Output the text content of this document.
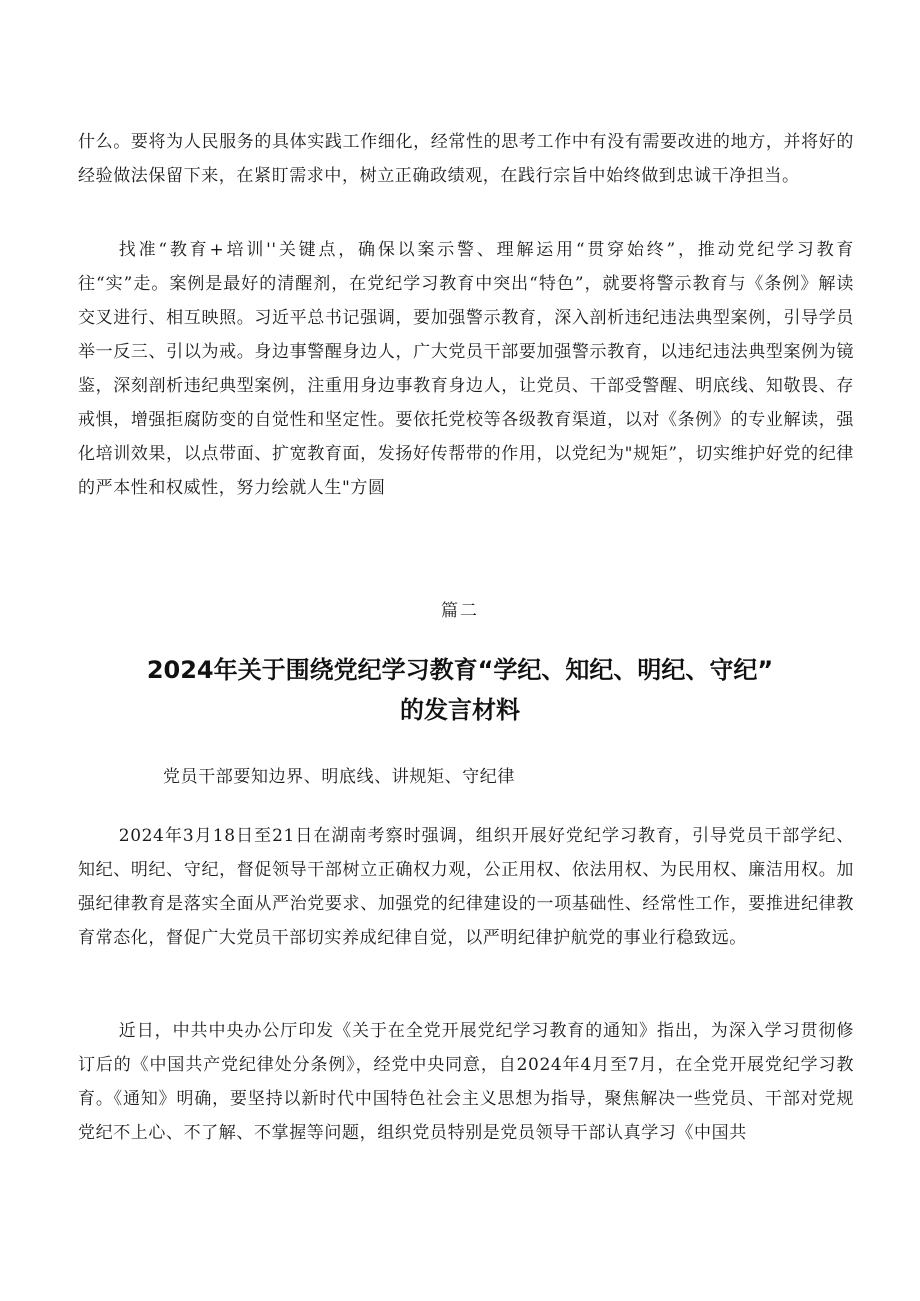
什么。要将为人民服务的具体实践工作细化，经常性的思考工作中有没有需要改进的地方，并将好的经验做法保留下来，在紧盯需求中，树立正确政绩观，在践行宗旨中始终做到忠诚干净担当。

找准“教育+培训''关键点，确保以案示警、理解运用“贯穿始终”，推动党纪学习教育往“实”走。案例是最好的清醒剂，在党纪学习教育中突出“特色”，就要将警示教育与《条例》解读交叉进行、相互映照。习近平总书记强调，要加强警示教育，深入剖析违纪违法典型案例，引导学员举一反三、引以为戒。身边事警醒身边人，广大党员干部要加强警示教育，以违纪违法典型案例为镜鉴，深刻剖析违纪典型案例，注重用身边事教育身边人，让党员、干部受警醒、明底线、知敬畏、存戒惧，增强拒腐防变的自觉性和坚定性。要依托党校等各级教育渠道，以对《条例》的专业解读，强化培训效果，以点带面、扩宽教育面，发扬好传帮带的作用，以党纪为"规矩”，切实维护好党的纪律的严本性和权威性，努力绘就人生"方圆

篇二

2024年关于围绕党纪学习教育“学纪、知纪、明纪、守纪”
的发言材料

党员干部要知边界、明底线、讲规矩、守纪律

2024年3月18日至21日在湖南考察时强调，组织开展好党纪学习教育，引导党员干部学纪、知纪、明纪、守纪，督促领导干部树立正确权力观，公正用权、依法用权、为民用权、廉洁用权。加强纪律教育是落实全面从严治党要求、加强党的纪律建设的一项基础性、经常性工作，要推进纪律教育常态化，督促广大党员干部切实养成纪律自觉，以严明纪律护航党的事业行稳致远。

近日，中共中央办公厅印发《关于在全党开展党纪学习教育的通知》指出，为深入学习贯彻修订后的《中国共产党纪律处分条例》，经党中央同意，自2024年4月至7月，在全党开展党纪学习教育。《通知》明确，要坚持以新时代中国特色社会主义思想为指导，聚焦解决一些党员、干部对党规党纪不上心、不了解、不掌握等问题，组织党员特别是党员领导干部认真学习《中国共
